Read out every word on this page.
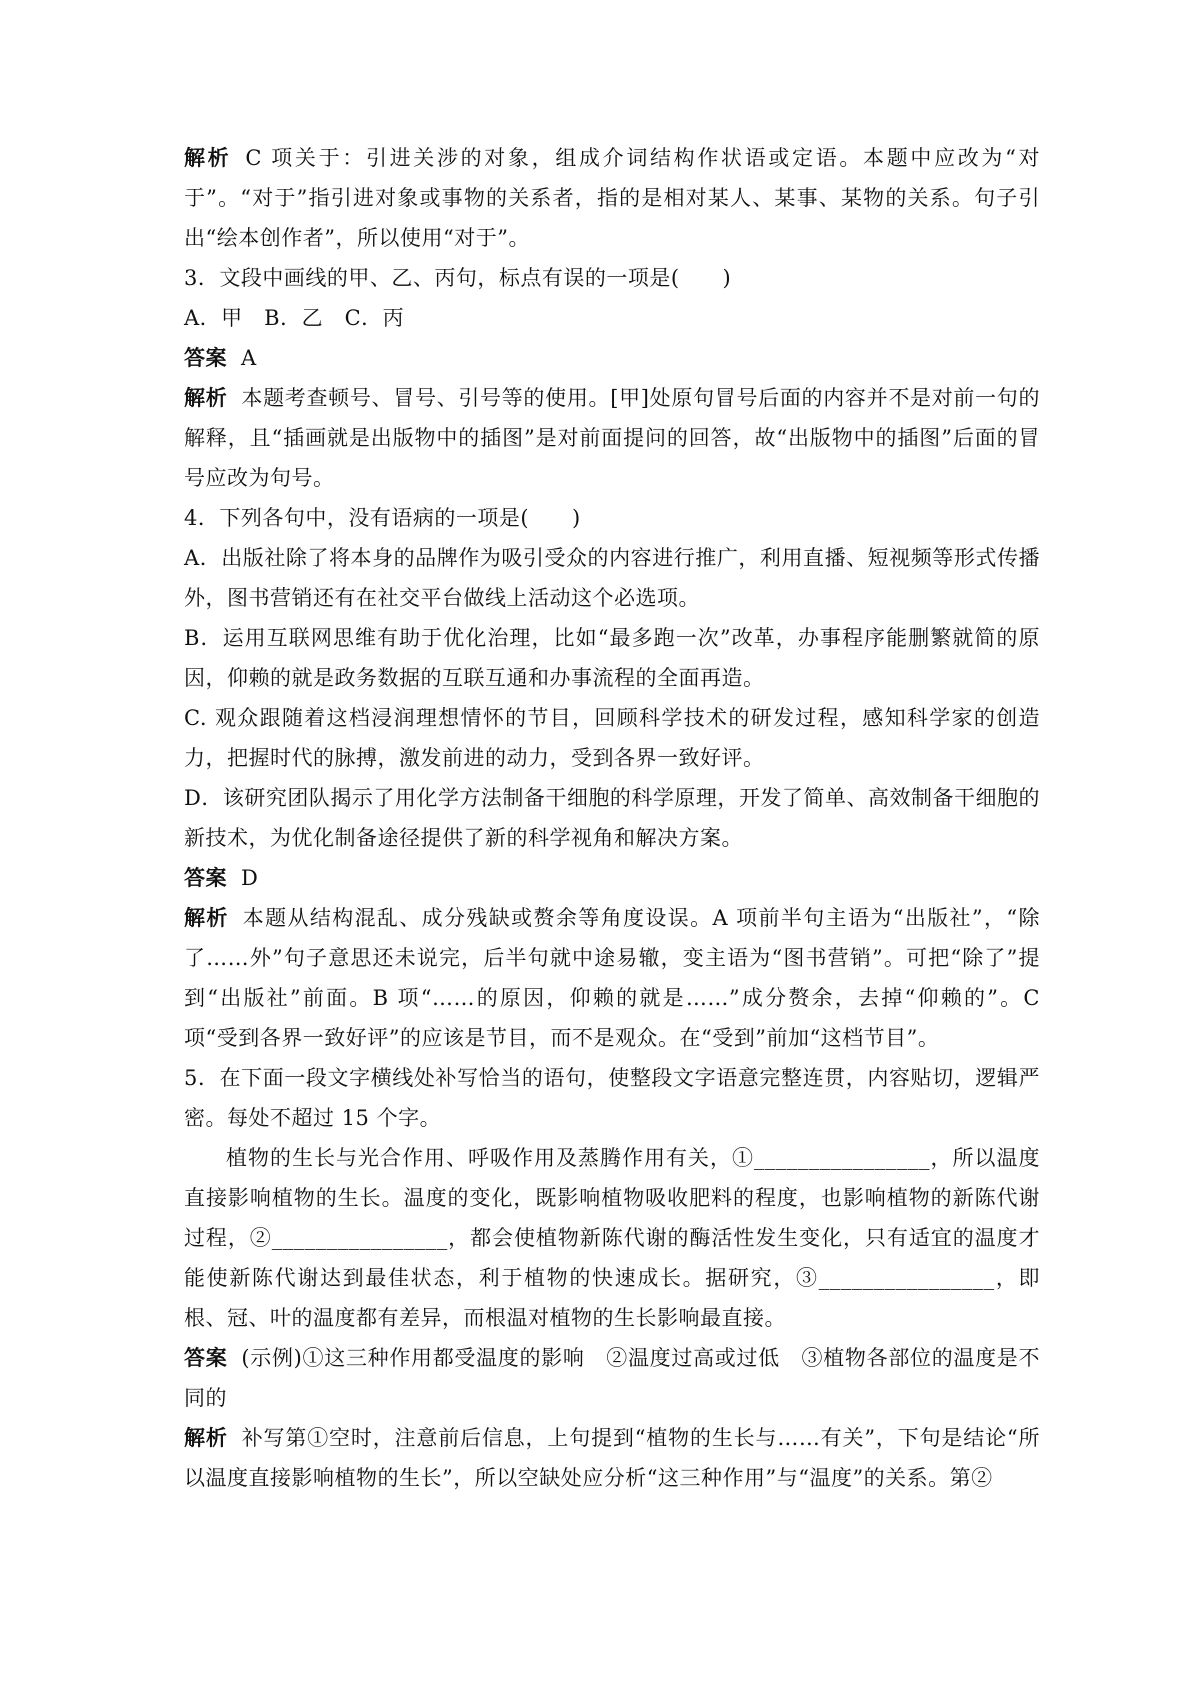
解析 C 项关于：引进关涉的对象，组成介词结构作状语或定语。本题中应改为“对于”。“对于”指引进对象或事物的关系者，指的是相对某人、某事、某物的关系。句子引出“绘本创作者”，所以使用“对于”。

3．文段中画线的甲、乙、丙句，标点有误的一项是(　　)

A．甲　B．乙　C．丙

答案 A

解析 本题考查顿号、冒号、引号等的使用。[甲]处原句冒号后面的内容并不是对前一句的解释，且“插画就是出版物中的插图”是对前面提问的回答，故“出版物中的插图”后面的冒号应改为句号。

4．下列各句中，没有语病的一项是(　　)

A．出版社除了将本身的品牌作为吸引受众的内容进行推广，利用直播、短视频等形式传播外，图书营销还有在社交平台做线上活动这个必选项。

B．运用互联网思维有助于优化治理，比如“最多跑一次”改革，办事程序能删繁就简的原因，仰赖的就是政务数据的互联互通和办事流程的全面再造。

C. 观众跟随着这档浸润理想情怀的节目，回顾科学技术的研发过程，感知科学家的创造力，把握时代的脉搏，激发前进的动力，受到各界一致好评。

D．该研究团队揭示了用化学方法制备干细胞的科学原理，开发了简单、高效制备干细胞的新技术，为优化制备途径提供了新的科学视角和解决方案。

答案 D

解析 本题从结构混乱、成分残缺或赘余等角度设误。A 项前半句主语为“出版社”，“除了……外”句子意思还未说完，后半句就中途易辙，变主语为“图书营销”。可把“除了”提到“出版社”前面。B 项“……的原因，仰赖的就是……”成分赘余，去掉“仰赖的”。C 项“受到各界一致好评”的应该是节目，而不是观众。在“受到”前加“这档节目”。

5．在下面一段文字横线处补写恰当的语句，使整段文字语意完整连贯，内容贴切，逻辑严密。每处不超过 15 个字。

植物的生长与光合作用、呼吸作用及蒸腾作用有关，①________________，所以温度直接影响植物的生长。温度的变化，既影响植物吸收肥料的程度，也影响植物的新陈代谢过程，②________________，都会使植物新陈代谢的酶活性发生变化，只有适宜的温度才能使新陈代谢达到最佳状态，利于植物的快速成长。据研究，③________________，即根、冠、叶的温度都有差异，而根温对植物的生长影响最直接。

答案 (示例)①这三种作用都受温度的影响　②温度过高或过低　③植物各部位的温度是不同的

解析 补写第①空时，注意前后信息，上句提到“植物的生长与……有关”，下句是结论“所以温度直接影响植物的生长”，所以空缺处应分析“这三种作用”与“温度”的关系。第②
